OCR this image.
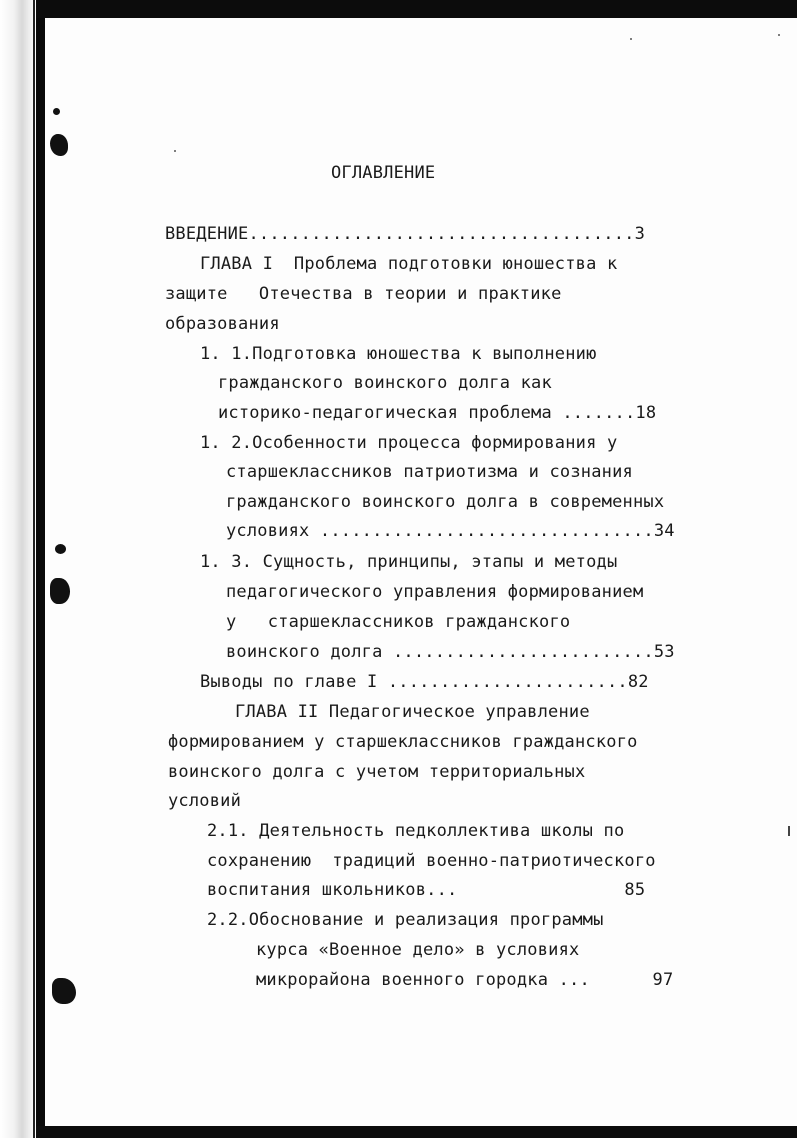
ОГЛАВЛЕНИЕ
ВВЕДЕНИЕ.....................................3
ГЛАВА I  Проблема подготовки юношества к
защите   Отечества в теории и практике
образования
1. 1.Подготовка юношества к выполнению
гражданского воинского долга как
историко-педагогическая проблема .......18
1. 2.Особенности процесса формирования у
старшеклассников патриотизма и сознания
гражданского воинского долга в современных
условиях ................................34
1. 3. Сущность, принципы, этапы и методы
педагогического управления формированием
у   старшеклассников гражданского
воинского долга .........................53
Выводы по главе I .......................82
ГЛАВА II Педагогическое управление
формированием у старшеклассников гражданского
воинского долга с учетом территориальных
условий
2.1. Деятельность педколлектива школы по
сохранению  традиций военно-патриотического
воспитания школьников...                85
2.2.Обоснование и реализация программы
курса «Военное дело» в условиях
микрорайона военного городка ...      97
